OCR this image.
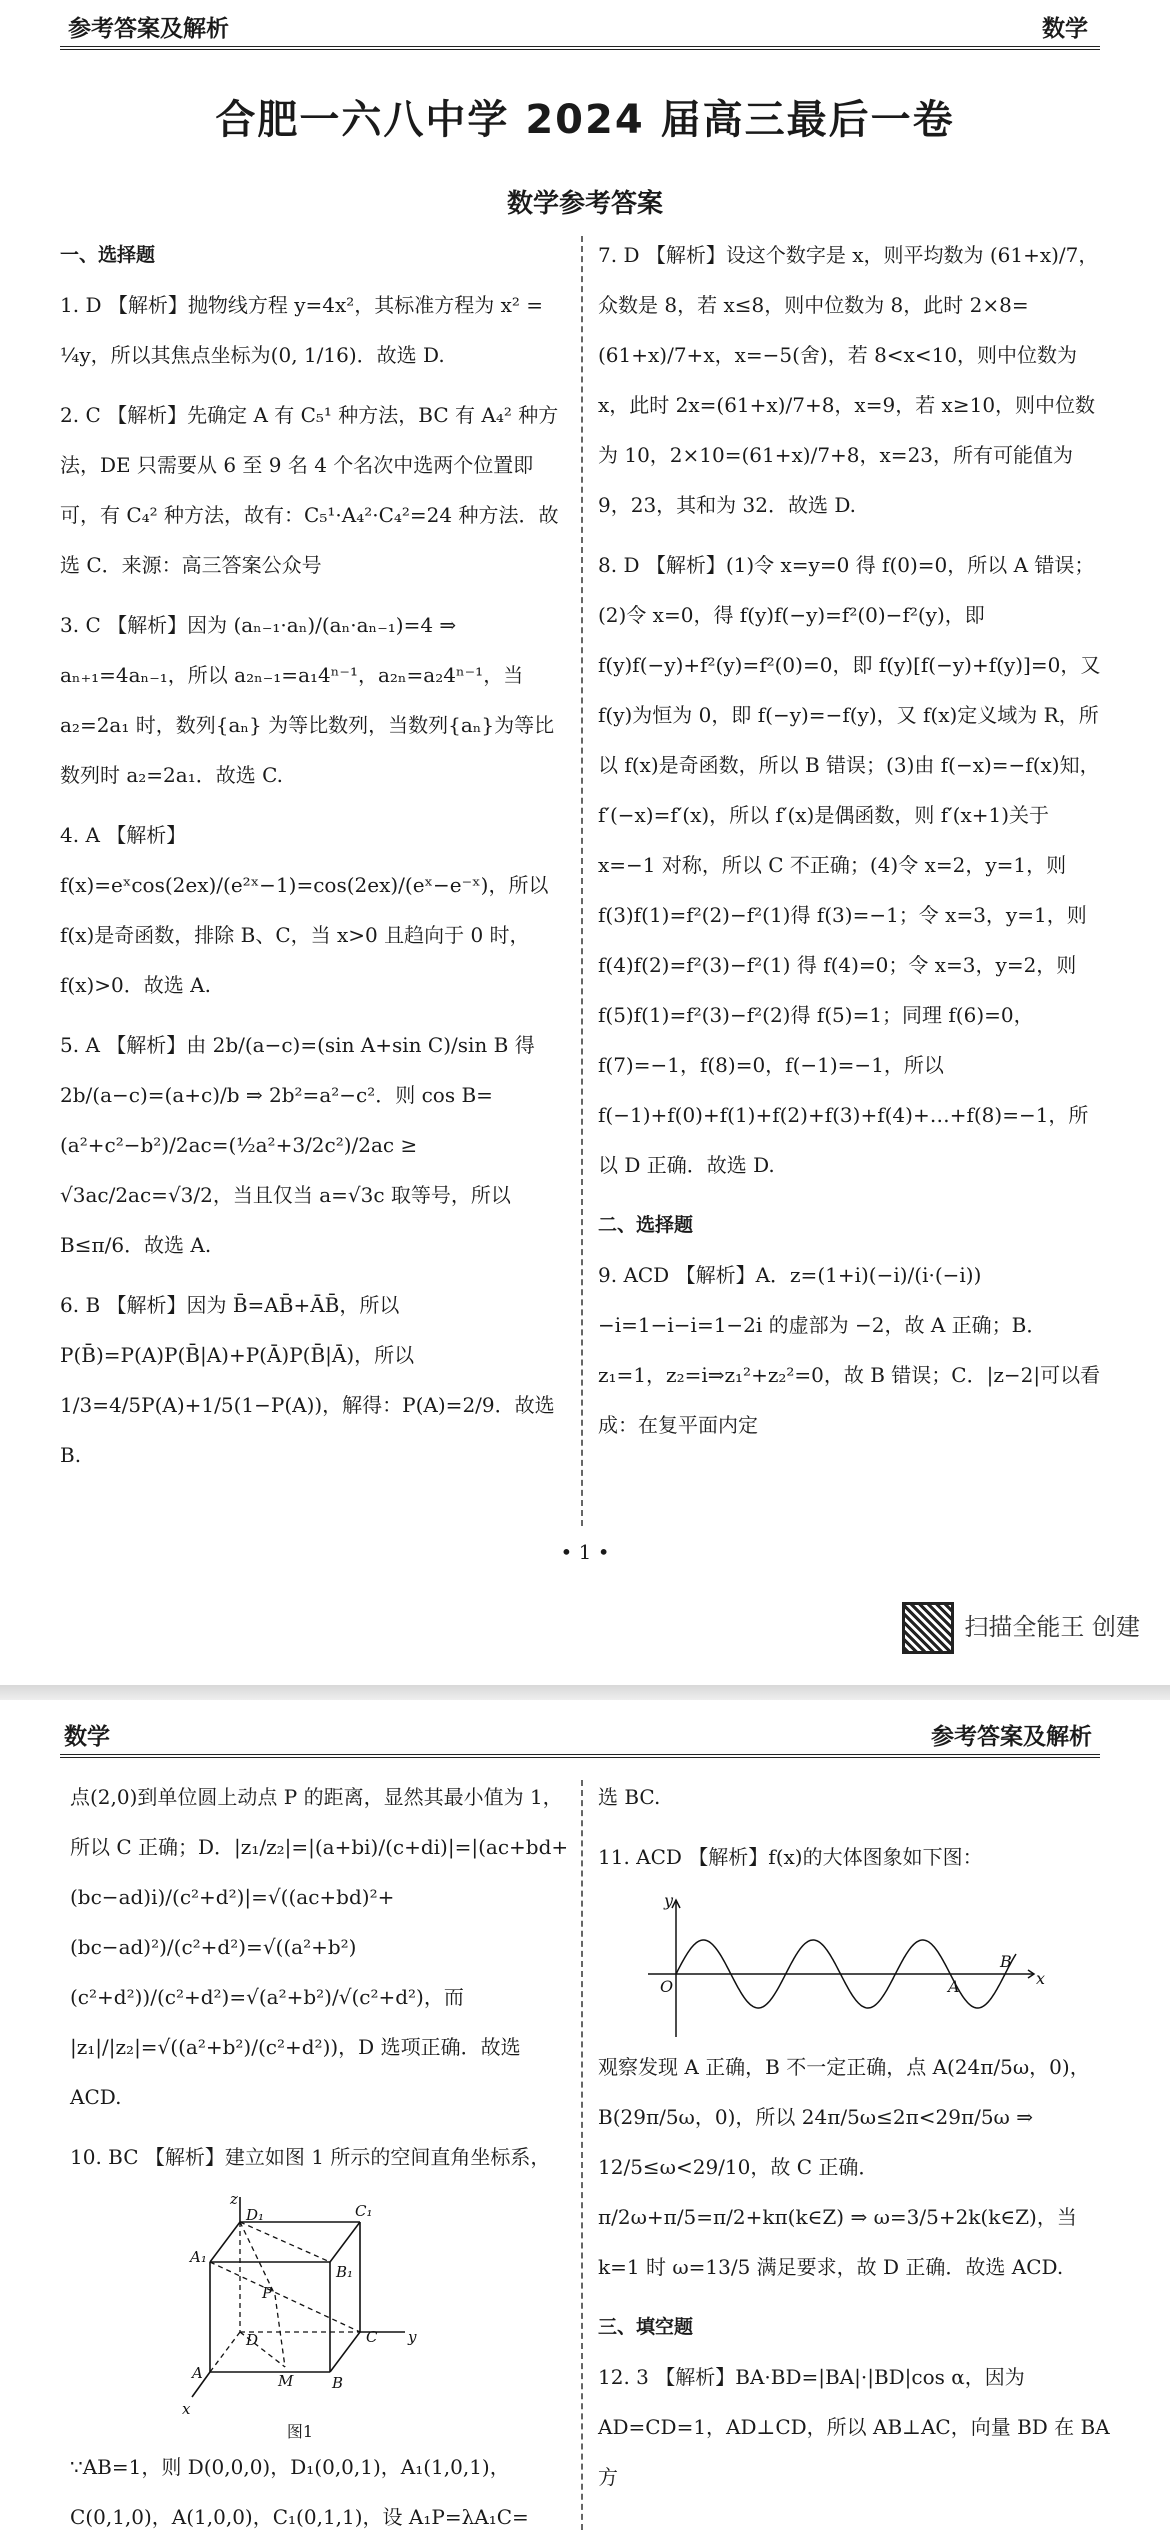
参考答案及解析	数学
合肥一六八中学 2024 届高三最后一卷
数学参考答案
一、选择题
1. D 【解析】抛物线方程 y=4x²，其标准方程为 x² = ¼y，所以其焦点坐标为(0, 1/16)．故选 D.
2. C 【解析】先确定 A 有 C₅¹ 种方法，BC 有 A₄² 种方法，DE 只需要从 6 至 9 名 4 个名次中选两个位置即可，有 C₄² 种方法，故有：C₅¹·A₄²·C₄²=24 种方法．故选 C．来源：高三答案公众号
3. C 【解析】因为 (aₙ₋₁·aₙ)/(aₙ·aₙ₋₁)=4 ⇒ aₙ₊₁=4aₙ₋₁，所以 a₂ₙ₋₁=a₁4ⁿ⁻¹，a₂ₙ=a₂4ⁿ⁻¹，当 a₂=2a₁ 时，数列{aₙ} 为等比数列，当数列{aₙ}为等比数列时 a₂=2a₁．故选 C.
4. A 【解析】f(x)=eˣcos(2ex)/(e²ˣ−1)=cos(2ex)/(eˣ−e⁻ˣ)，所以 f(x)是奇函数，排除 B、C，当 x>0 且趋向于 0 时，f(x)>0．故选 A.
5. A 【解析】由 2b/(a−c)=(sin A+sin C)/sin B 得 2b/(a−c)=(a+c)/b ⇒ 2b²=a²−c²．则 cos B=(a²+c²−b²)/2ac=(½a²+3/2c²)/2ac ≥ √3ac/2ac=√3/2，当且仅当 a=√3c 取等号，所以 B≤π/6．故选 A.
6. B 【解析】因为 B̄=AB̄+ĀB̄，所以 P(B̄)=P(A)P(B̄|A)+P(Ā)P(B̄|Ā)，所以 1/3=4/5P(A)+1/5(1−P(A))，解得：P(A)=2/9．故选 B.
7. D 【解析】设这个数字是 x，则平均数为 (61+x)/7，众数是 8，若 x≤8，则中位数为 8，此时 2×8=(61+x)/7+x，x=−5(舍)，若 8<x<10，则中位数为 x，此时 2x=(61+x)/7+8，x=9，若 x≥10，则中位数为 10，2×10=(61+x)/7+8，x=23，所有可能值为 9，23，其和为 32．故选 D.
8. D 【解析】(1)令 x=y=0 得 f(0)=0，所以 A 错误；(2)令 x=0，得 f(y)f(−y)=f²(0)−f²(y)，即 f(y)f(−y)+f²(y)=f²(0)=0，即 f(y)[f(−y)+f(y)]=0，又 f(y)为恒为 0，即 f(−y)=−f(y)，又 f(x)定义域为 R，所以 f(x)是奇函数，所以 B 错误；(3)由 f(−x)=−f(x)知，f′(−x)=f′(x)，所以 f′(x)是偶函数，则 f′(x+1)关于 x=−1 对称，所以 C 不正确；(4)令 x=2，y=1，则 f(3)f(1)=f²(2)−f²(1)得 f(3)=−1；令 x=3，y=1，则 f(4)f(2)=f²(3)−f²(1) 得 f(4)=0；令 x=3，y=2，则 f(5)f(1)=f²(3)−f²(2)得 f(5)=1；同理 f(6)=0，f(7)=−1，f(8)=0，f(−1)=−1，所以 f(−1)+f(0)+f(1)+f(2)+f(3)+f(4)+…+f(8)=−1，所以 D 正确．故选 D.
二、选择题
9. ACD 【解析】A．z=(1+i)(−i)/(i·(−i))−i=1−i−i=1−2i 的虚部为 −2，故 A 正确；B．z₁=1，z₂=i⇒z₁²+z₂²=0，故 B 错误；C．|z−2|可以看成：在复平面内定
• 1 •
扫描全能王 创建
数学	参考答案及解析
点(2,0)到单位圆上动点 P 的距离，显然其最小值为 1，所以 C 正确；D．|z₁/z₂|=|(a+bi)/(c+di)|=|(ac+bd+(bc−ad)i)/(c²+d²)|=√((ac+bd)²+(bc−ad)²)/(c²+d²)=√((a²+b²)(c²+d²))/(c²+d²)=√(a²+b²)/√(c²+d²)，而 |z₁|/|z₂|=√((a²+b²)/(c²+d²))，D 选项正确．故选 ACD.
10. BC 【解析】建立如图 1 所示的空间直角坐标系，
z
D₁	C₁
A₁
B₁
P
D	C
A
B
M
x
y
图1
∵AB=1，则 D(0,0,0)，D₁(0,0,1)，A₁(1,0,1)，C(0,1,0)，A(1,0,0)，C₁(0,1,1)，设 A₁P=λA₁C=
选 BC.
11. ACD 【解析】f(x)的大体图象如下图：
y
O	A
B
x
观察发现 A 正确，B 不一定正确，点 A(24π/5ω，0)，B(29π/5ω，0)，所以 24π/5ω≤2π<29π/5ω ⇒ 12/5≤ω<29/10，故 C 正确．π/2ω+π/5=π/2+kπ(k∈Z) ⇒ ω=3/5+2k(k∈Z)，当 k=1 时 ω=13/5 满足要求，故 D 正确．故选 ACD.
三、填空题
12. 3 【解析】BA·BD=|BA|·|BD|cos α，因为 AD=CD=1，AD⊥CD，所以 AB⊥AC，向量 BD 在 BA 方
